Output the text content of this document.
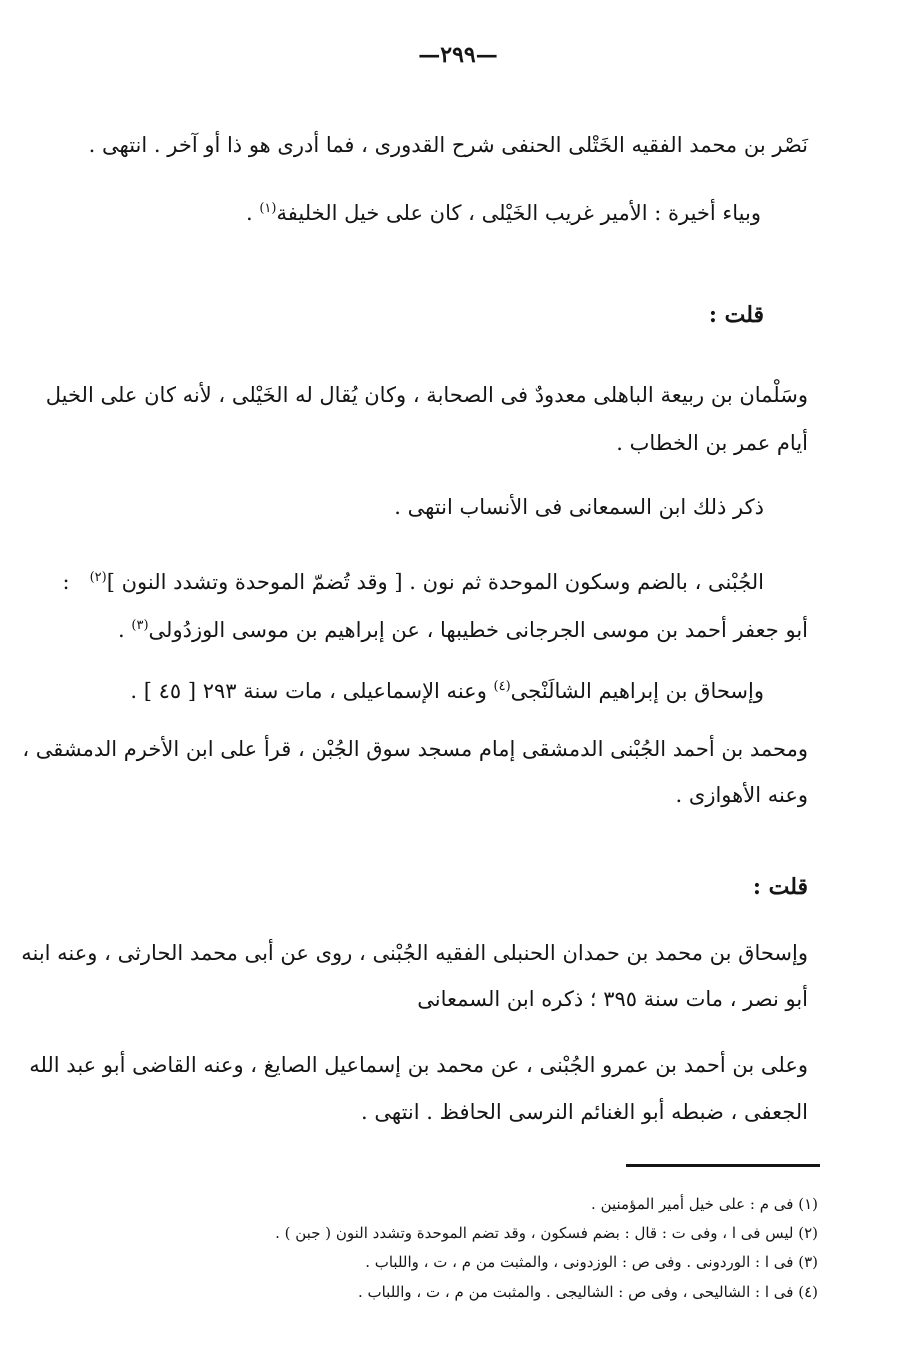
—٢٩٩—
نَصْر بن محمد الفقيه الخَتْلى الحنفى شرح القدورى ، فما أدرى هو ذا أو آخر . انتهى .
وبياء أخيرة : الأمير غريب الخَيْلى ، كان على خيل الخليفة$^{(١)}$ .
قلت :
وسَلْمان بن ربيعة الباهلى معدودٌ فى الصحابة ، وكان يُقال له الخَيْلى ، لأنه كان على الخيل
أيام عمر بن الخطاب .
ذكر ذلك ابن السمعانى فى الأنساب انتهى .
الجُبْنى ، بالضم وسكون الموحدة ثم نون . [ وقد تُضمّ الموحدة وتشدد النون ]$^{(٢)}$   :
أبو جعفر أحمد بن موسى الجرجانى خطيبها ، عن إبراهيم بن موسى الوزدُولى$^{(٣)}$ .
وإسحاق بن إبراهيم الشالَنْجى$^{(٤)}$ وعنه الإسماعيلى ، مات سنة ٢٩٣ [ ٤٥ ] .
ومحمد بن أحمد الجُبْنى الدمشقى إمام مسجد سوق الجُبْن ، قرأ على ابن الأخرم الدمشقى ،
وعنه الأهوازى .
قلت :
وإسحاق بن محمد بن حمدان الحنبلى الفقيه الجُبْنى ، روى عن أبى محمد الحارثى ، وعنه ابنه
أبو نصر ، مات سنة ٣٩٥ ؛ ذكره ابن السمعانى
وعلى بن أحمد بن عمرو الجُبْنى ، عن محمد بن إسماعيل الصايغ ، وعنه القاضى أبو عبد الله
الجعفى ، ضبطه أبو الغنائم النرسى الحافظ . انتهى .
(١) فى م : على خيل أمير المؤمنين .
(٢) ليس فى ا ، وفى ت : قال : بضم فسكون ، وقد تضم الموحدة وتشدد النون ( جبن ) .
(٣) فى ا : الوردونى . وفى ص : الوزدونى ، والمثبت من م ، ت ، واللباب .
(٤) فى ا : الشاليحى ، وفى ص : الشاليجى . والمثبت من م ، ت ، واللباب .
